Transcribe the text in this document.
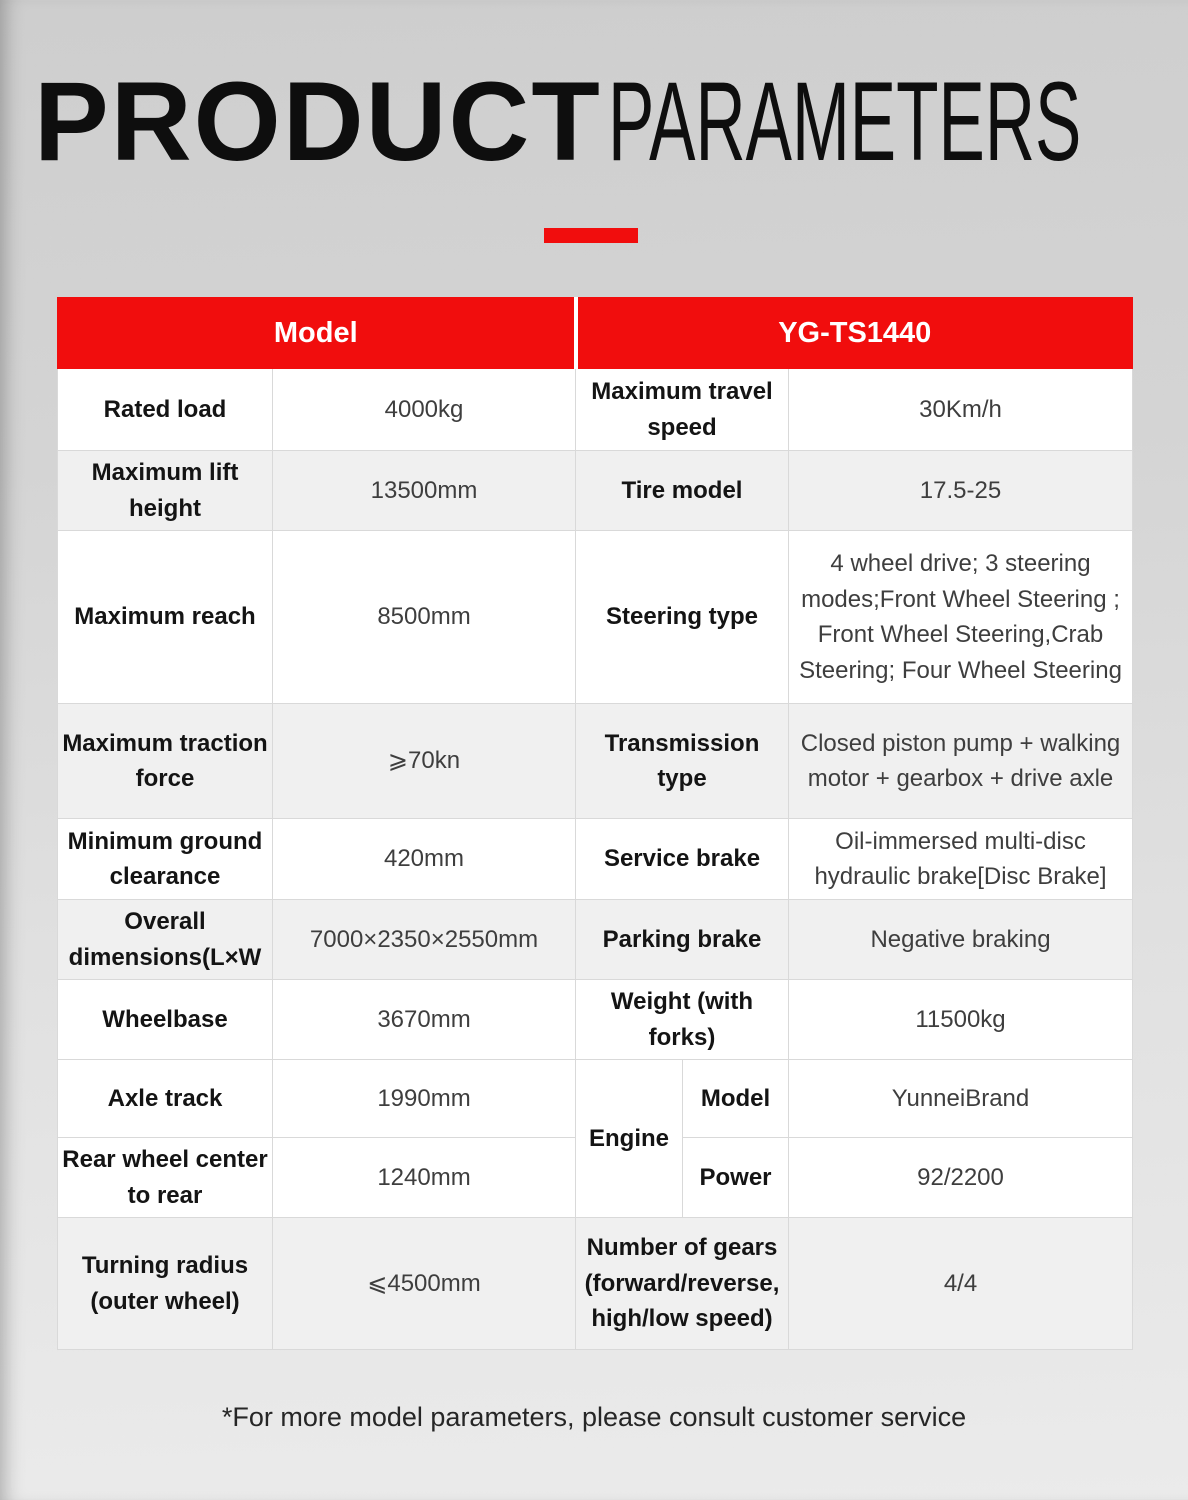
PRODUCTPARAMETERS
Model		YG-TS1440		
Rated load	4000kg	Maximum travel speed		30Km/h
Maximum lift height	13500mm	Tire model		17.5-25
Maximum reach	8500mm	Steering type		4 wheel drive; 3 steering modes;Front Wheel Steering ; Front Wheel Steering,Crab Steering; Four Wheel Steering
Maximum traction force	⩾70kn	Transmission type		Closed piston pump + walking motor + gearbox + drive axle
Minimum ground clearance	420mm	Service brake		Oil-immersed multi-disc hydraulic brake[Disc Brake]
Overall dimensions(L×W	7000×2350×2550mm	Parking brake		Negative braking
Wheelbase	3670mm	Weight (with forks)		11500kg
Axle track	1990mm	Engine	Model	YunneiBrand
Rear wheel center to rear	1240mm		Power	92/2200
Turning radius (outer wheel)	⩽4500mm	Number of gears (forward/reverse, high/low speed)		4/4
*For more model parameters, please consult customer service
